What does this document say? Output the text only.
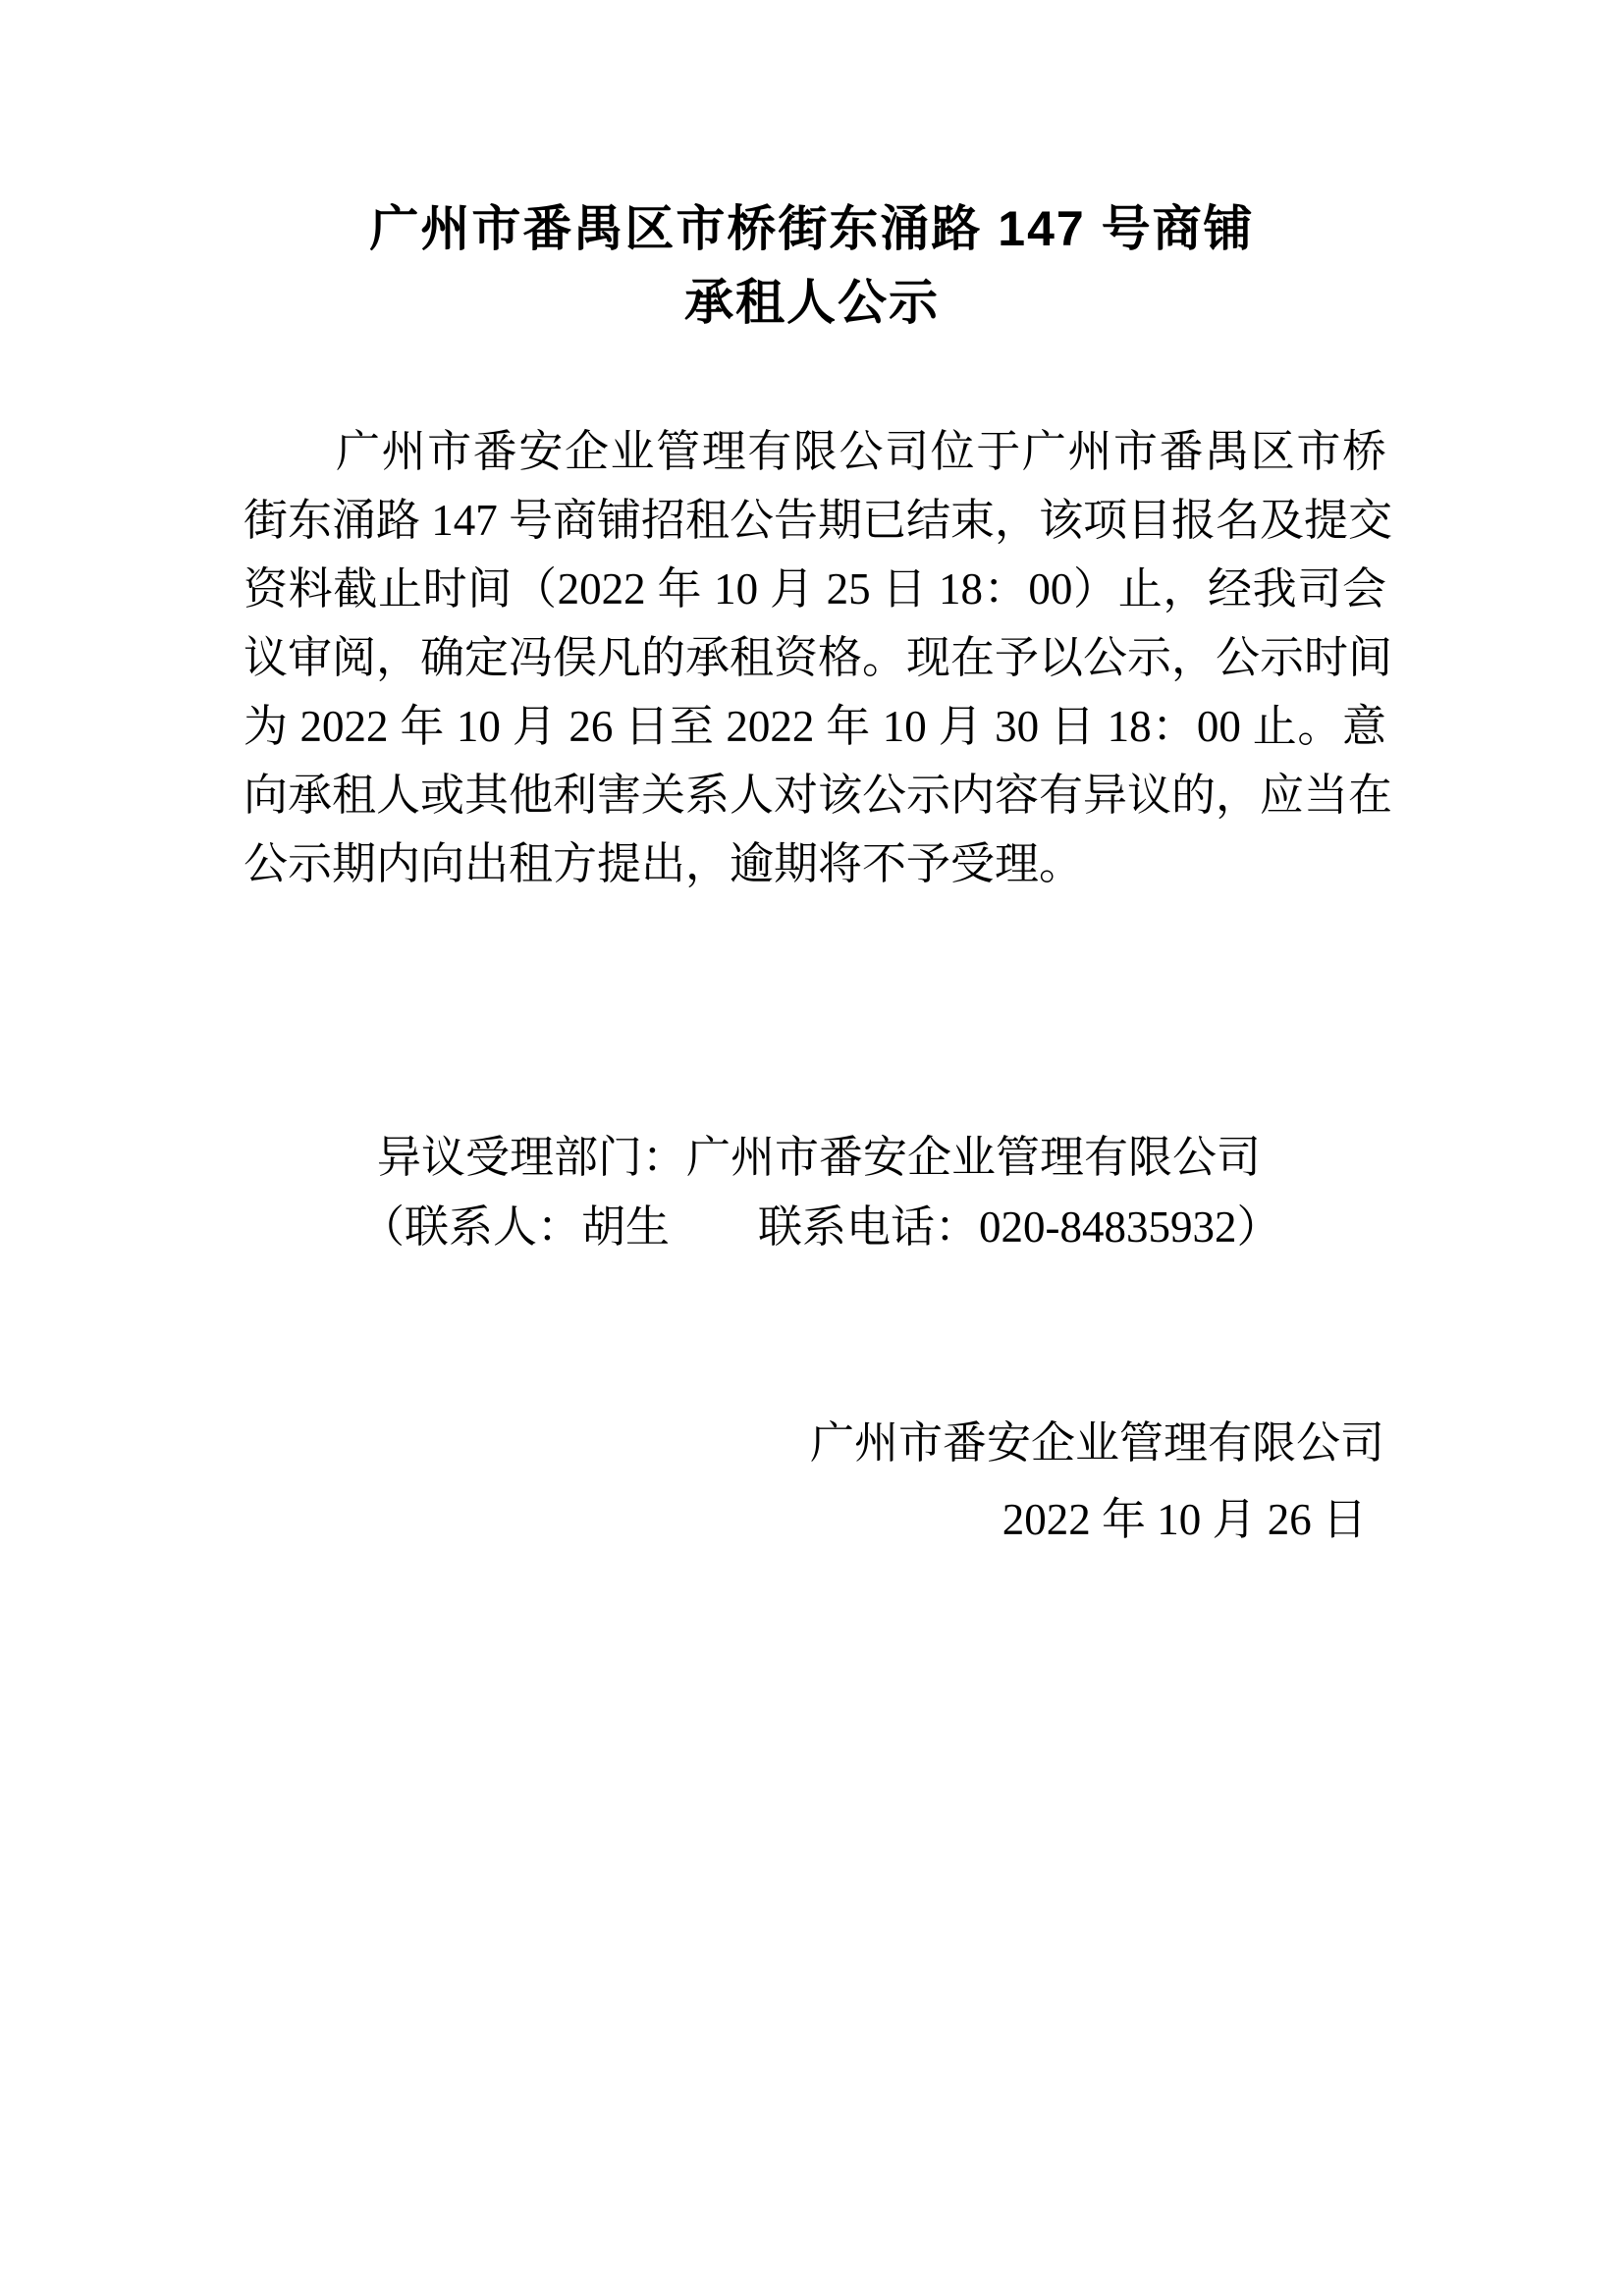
广州市番禺区市桥街东涌路 147 号商铺
承租人公示
广州市番安企业管理有限公司位于广州市番禺区市桥
街东涌路 147 号商铺招租公告期已结束，该项目报名及提交
资料截止时间（2022 年 10 月 25 日 18：00）止，经我司会
议审阅，确定冯俣凡的承租资格。现在予以公示，公示时间
为 2022 年 10 月 26 日至 2022 年 10 月 30 日 18：00 止。意
向承租人或其他利害关系人对该公示内容有异议的，应当在
公示期内向出租方提出，逾期将不予受理。
异议受理部门：广州市番安企业管理有限公司
（联系人：胡生　　联系电话：020-84835932）
广州市番安企业管理有限公司
2022 年 10 月 26 日
